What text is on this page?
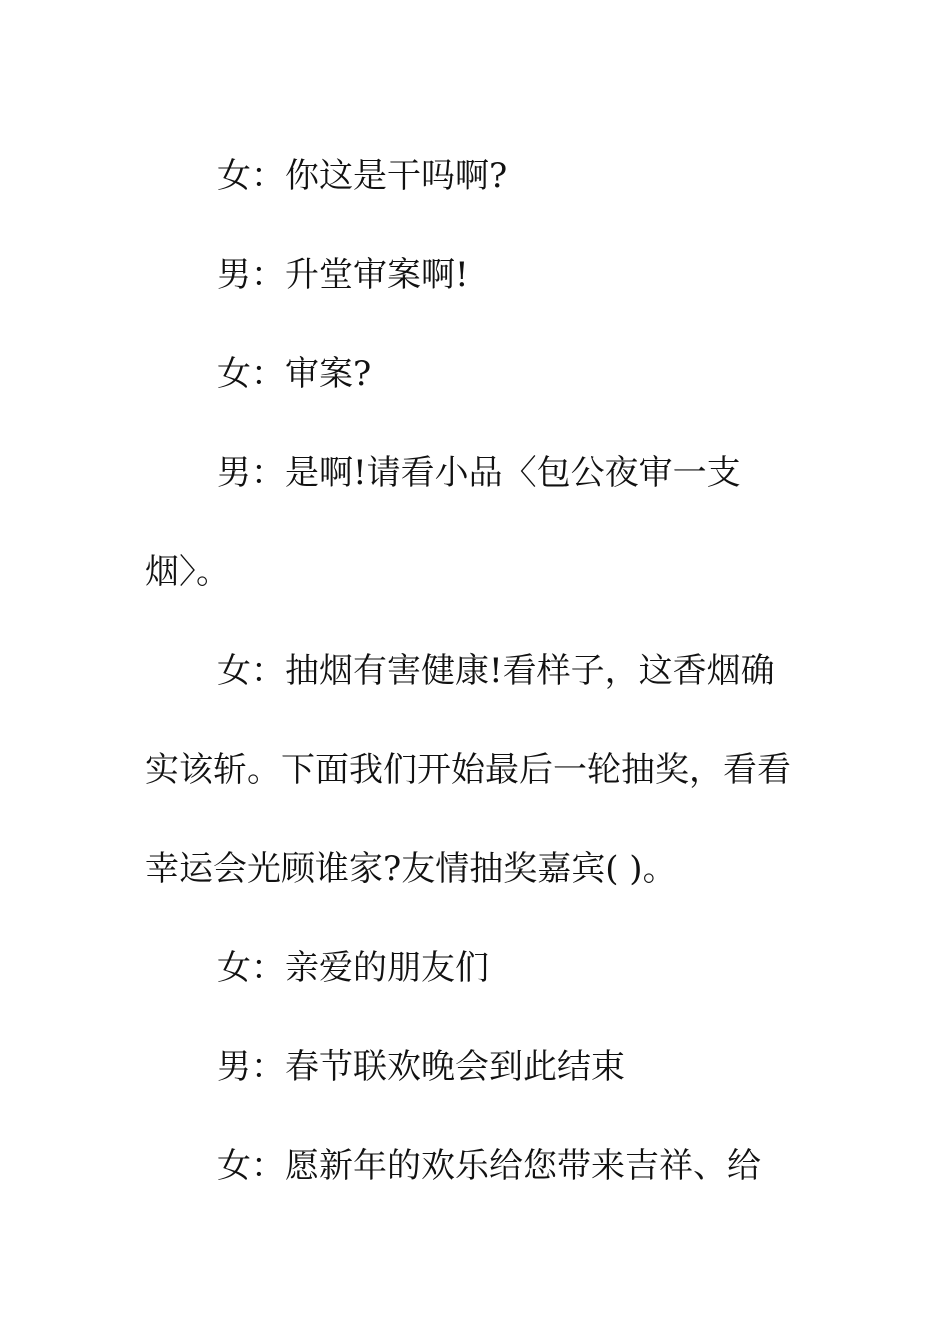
女：你这是干吗啊?

男：升堂审案啊!

女：审案?

男：是啊!请看小品〈包公夜审一支烟〉。

女：抽烟有害健康!看样子，这香烟确实该斩。下面我们开始最后一轮抽奖，看看幸运会光顾谁家?友情抽奖嘉宾( )。

女：亲爱的朋友们

男：春节联欢晚会到此结束

女：愿新年的欢乐给您带来吉祥、给
